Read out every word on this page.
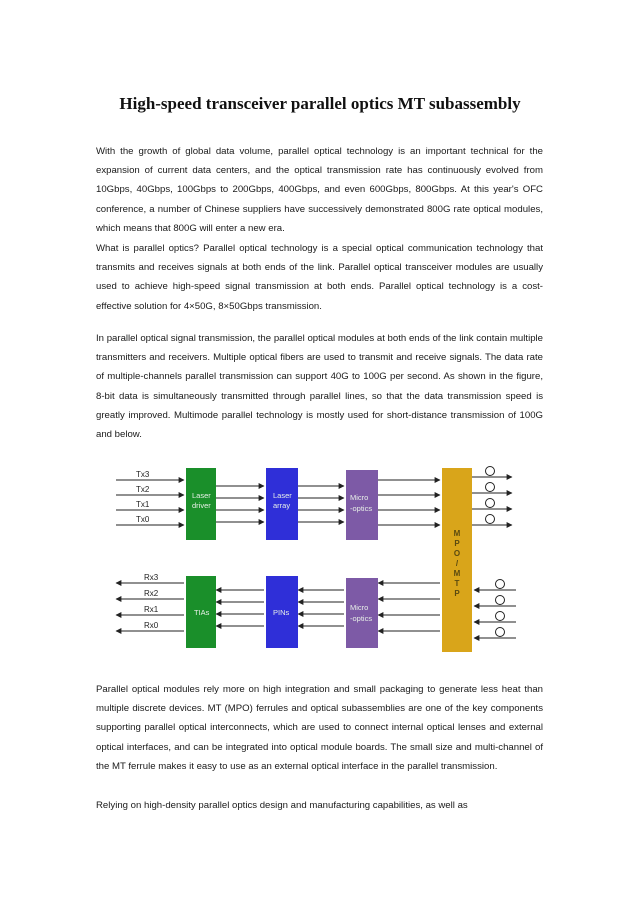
High-speed transceiver parallel optics MT subassembly

With the growth of global data volume, parallel optical technology is an important technical for the expansion of current data centers, and the optical transmission rate has continuously evolved from 10Gbps, 40Gbps, 100Gbps to 200Gbps, 400Gbps, and even 600Gbps, 800Gbps. At this year's OFC conference, a number of Chinese suppliers have successively demonstrated 800G rate optical modules, which means that 800G will enter a new era.

What is parallel optics? Parallel optical technology is a special optical communication technology that transmits and receives signals at both ends of the link. Parallel optical transceiver modules are usually used to achieve high-speed signal transmission at both ends. Parallel optical technology is a cost-effective solution for 4×50G, 8×50Gbps transmission.

In parallel optical signal transmission, the parallel optical modules at both ends of the link contain multiple transmitters and receivers. Multiple optical fibers are used to transmit and receive signals. The data rate of multiple-channels parallel transmission can support 40G to 100G per second. As shown in the figure, 8-bit data is simultaneously transmitted through parallel lines, so that the data transmission speed is greatly improved. Multimode parallel technology is mostly used for short-distance transmission of 100G and below.

Tx3
Tx2
Tx1
Tx0
Rx3
Rx2
Rx1
Rx0
Laser
driver
Laser
array
Micro
-optics
TIAs	PINs
Micro
-optics
M
P
O
/
M
T
P

Parallel optical modules rely more on high integration and small packaging to generate less heat than multiple discrete devices. MT (MPO) ferrules and optical subassemblies are one of the key components supporting parallel optical interconnects, which are used to connect internal optical lenses and external optical interfaces, and can be integrated into optical module boards. The small size and multi-channel of the MT ferrule makes it easy to use as an external optical interface in the parallel transmission.

Relying on high-density parallel optics design and manufacturing capabilities, as well as
